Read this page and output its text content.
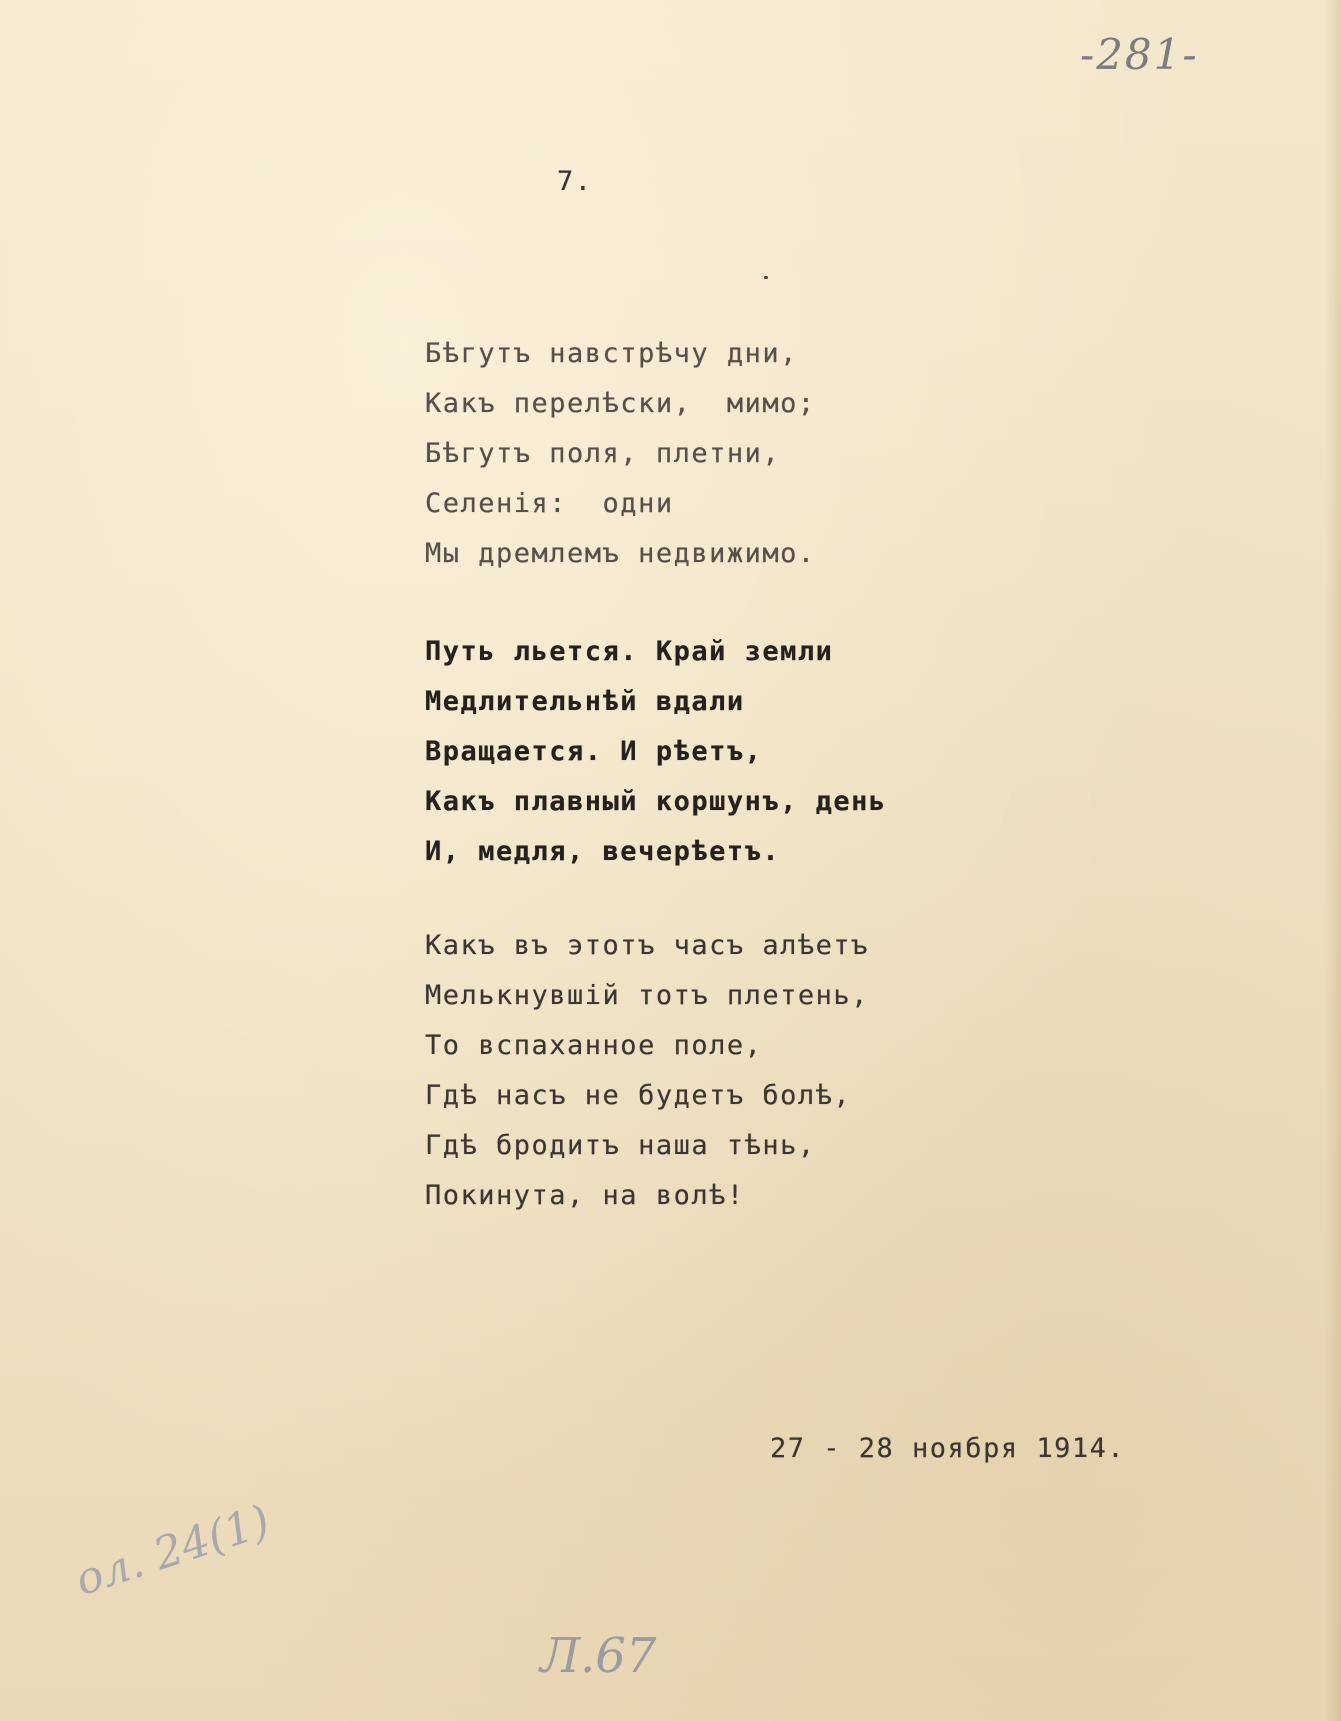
-281-
7.
Бѣгутъ навстрѣчу дни,
Какъ перелѣски,  мимо;
Бѣгутъ поля, плетни,
Селенія:  одни
Мы дремлемъ недвижимо.
Путь льется. Край земли
Медлительнѣй вдали
Вращается. И рѣетъ,
Какъ плавный коршунъ, день
И, медля, вечерѣетъ.
Какъ въ этотъ часъ алѣетъ
Мелькнувшій тотъ плетень,
То вспаханное поле,
Гдѣ насъ не будетъ болѣ,
Гдѣ бродитъ наша тѣнь,
Покинута, на волѣ!
27 - 28 ноября 1914.
ол. 24(1)
Л.67
